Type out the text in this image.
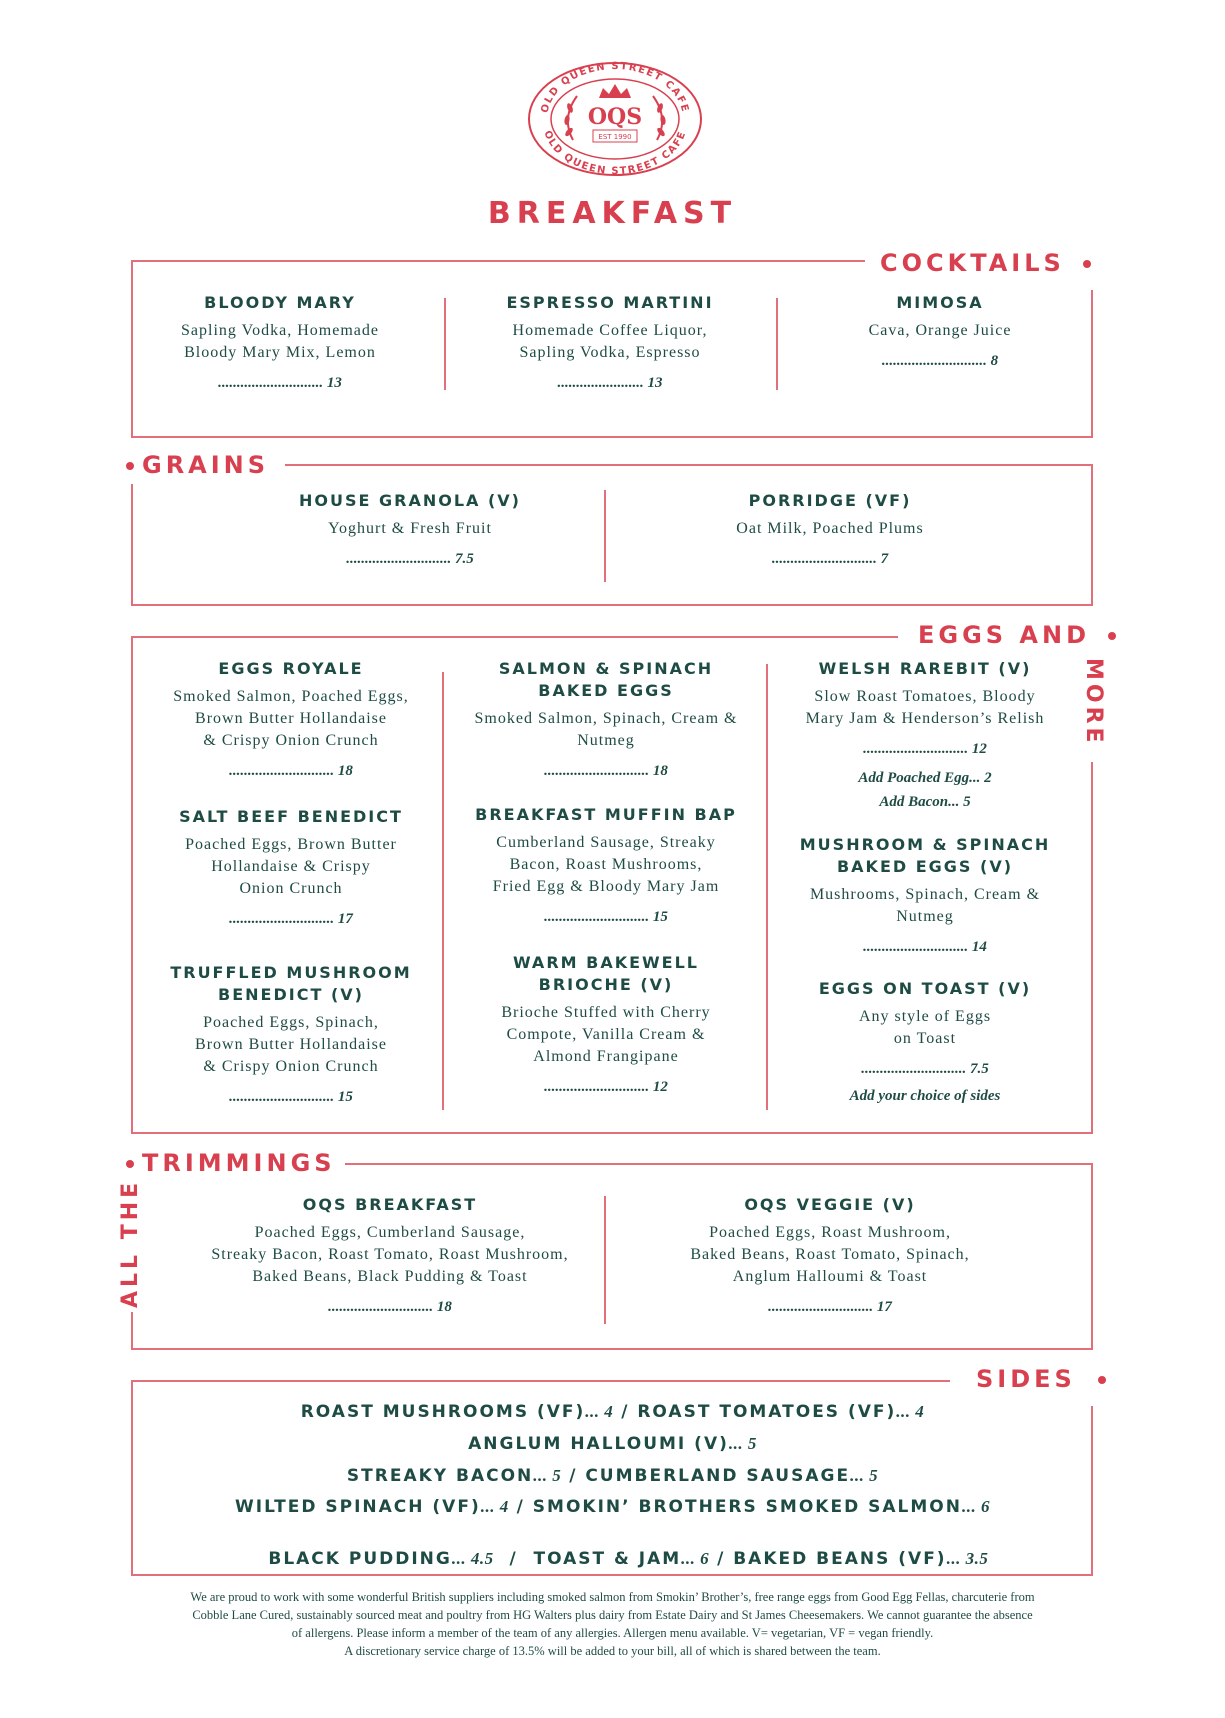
OLD QUEEN STREET CAFE
OLD QUEEN STREET CAFE
OQS
EST 1990
BREAKFAST
COCKTAILS
BLOODY MARY
Sapling Vodka, Homemade
Bloody Mary Mix, Lemon
............................ 13
ESPRESSO MARTINI
Homemade Coffee Liquor,
Sapling Vodka, Espresso
....................... 13
MIMOSA
Cava, Orange Juice
............................ 8
GRAINS
HOUSE GRANOLA (V)
Yoghurt & Fresh Fruit
............................ 7.5
PORRIDGE (VF)
Oat Milk, Poached Plums
............................ 7
EGGS AND
MORE
EGGS ROYALE
Smoked Salmon, Poached Eggs,
Brown Butter Hollandaise
& Crispy Onion Crunch
............................ 18
SALT BEEF BENEDICT
Poached Eggs, Brown Butter
Hollandaise & Crispy
Onion Crunch
............................ 17
TRUFFLED MUSHROOM
BENEDICT (V)
Poached Eggs, Spinach,
Brown Butter Hollandaise
& Crispy Onion Crunch
............................ 15
SALMON & SPINACH
BAKED EGGS
Smoked Salmon, Spinach, Cream &
Nutmeg
............................ 18
BREAKFAST MUFFIN BAP
Cumberland Sausage, Streaky
Bacon, Roast Mushrooms,
Fried Egg & Bloody Mary Jam
............................ 15
WARM BAKEWELL
BRIOCHE (V)
Brioche Stuffed with Cherry
Compote, Vanilla Cream &
Almond Frangipane
............................ 12
WELSH RAREBIT (V)
Slow Roast Tomatoes, Bloody
Mary Jam & Henderson’s Relish
............................ 12
Add Poached Egg... 2
Add Bacon... 5
MUSHROOM & SPINACH
BAKED EGGS (V)
Mushrooms, Spinach, Cream &
Nutmeg
............................ 14
EGGS ON TOAST (V)
Any style of Eggs
on Toast
............................ 7.5
Add your choice of sides
TRIMMINGS
ALL THE	OQS BREAKFAST
Poached Eggs, Cumberland Sausage,
Streaky Bacon, Roast Tomato, Roast Mushroom,
Baked Beans, Black Pudding & Toast
............................ 18
OQS VEGGIE (V)
Poached Eggs, Roast Mushroom,
Baked Beans, Roast Tomato, Spinach,
Anglum Halloumi & Toast
............................ 17
SIDES
ROAST MUSHROOMS (VF)... 4 / ROAST TOMATOES (VF)... 4
ANGLUM HALLOUMI (V)... 5
STREAKY BACON... 5 / CUMBERLAND SAUSAGE... 5
WILTED SPINACH (VF)... 4 / SMOKIN’ BROTHERS SMOKED SALMON... 6

BLACK PUDDING... 4.5  /  TOAST & JAM... 6 / BAKED BEANS (VF)... 3.5

We are proud to work with some wonderful British suppliers including smoked salmon from Smokin’ Brother’s, free range eggs from Good Egg Fellas, charcuterie from
Cobble Lane Cured, sustainably sourced meat and poultry from HG Walters plus dairy from Estate Dairy and St James Cheesemakers. We cannot guarantee the absence
of allergens. Please inform a member of the team of any allergies. Allergen menu available. V= vegetarian, VF = vegan friendly.
A discretionary service charge of 13.5% will be added to your bill, all of which is shared between the team.
